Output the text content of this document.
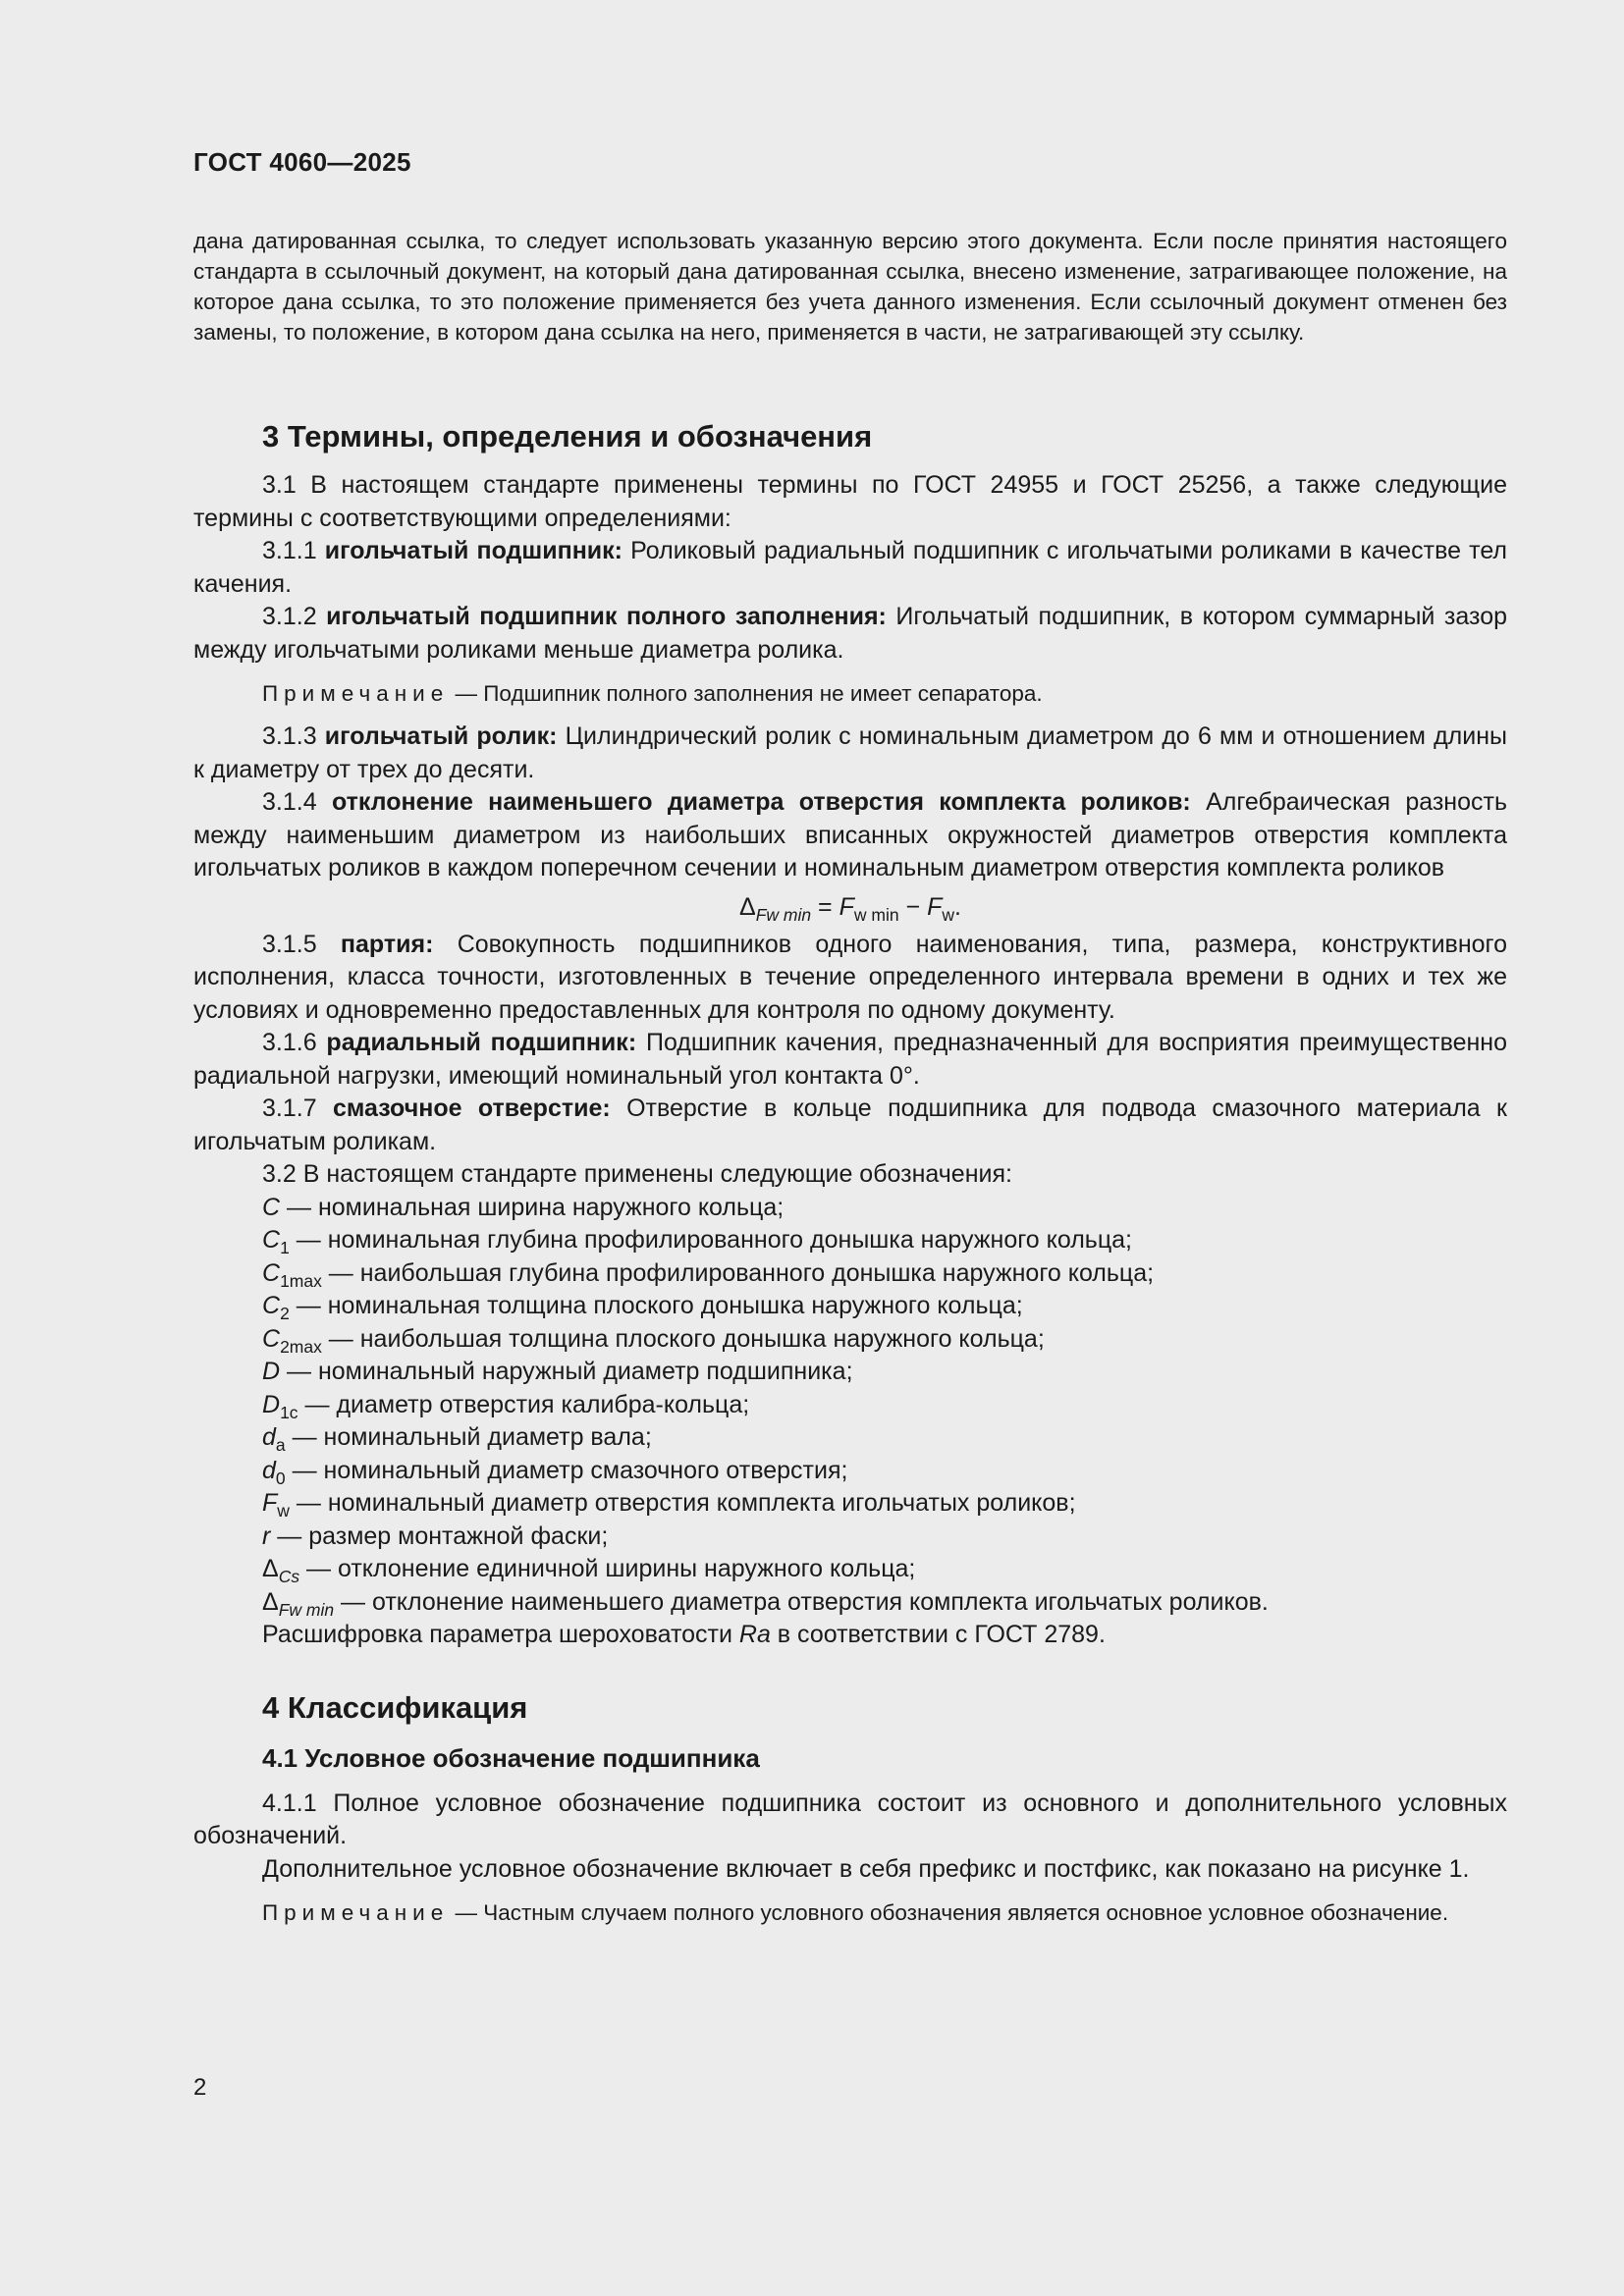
ГОСТ 4060—2025

дана датированная ссылка, то следует использовать указанную версию этого документа. Если после принятия настоящего стандарта в ссылочный документ, на который дана датированная ссылка, внесено изменение, затрагивающее положение, на которое дана ссылка, то это положение применяется без учета данного изменения. Если ссылочный документ отменен без замены, то положение, в котором дана ссылка на него, применяется в части, не затрагивающей эту ссылку.

3 Термины, определения и обозначения

3.1 В настоящем стандарте применены термины по ГОСТ 24955 и ГОСТ 25256, а также следующие термины с соответствующими определениями:

3.1.1 игольчатый подшипник: Роликовый радиальный подшипник с игольчатыми роликами в качестве тел качения.

3.1.2 игольчатый подшипник полного заполнения: Игольчатый подшипник, в котором суммарный зазор между игольчатыми роликами меньше диаметра ролика.

Примечание — Подшипник полного заполнения не имеет сепаратора.

3.1.3 игольчатый ролик: Цилиндрический ролик с номинальным диаметром до 6 мм и отношением длины к диаметру от трех до десяти.

3.1.4 отклонение наименьшего диаметра отверстия комплекта роликов: Алгебраическая разность между наименьшим диаметром из наибольших вписанных окружностей диаметров отверстия комплекта игольчатых роликов в каждом поперечном сечении и номинальным диаметром отверстия комплекта роликов

$\Delta_{Fw min} = F_{w min} - F_w$.

3.1.5 партия: Совокупность подшипников одного наименования, типа, размера, конструктивного исполнения, класса точности, изготовленных в течение определенного интервала времени в одних и тех же условиях и одновременно предоставленных для контроля по одному документу.

3.1.6 радиальный подшипник: Подшипник качения, предназначенный для восприятия преимущественно радиальной нагрузки, имеющий номинальный угол контакта 0°.

3.1.7 смазочное отверстие: Отверстие в кольце подшипника для подвода смазочного материала к игольчатым роликам.

3.2 В настоящем стандарте применены следующие обозначения:

C — номинальная ширина наружного кольца;

$C_1$ — номинальная глубина профилированного донышка наружного кольца;

$C_{1max}$ — наибольшая глубина профилированного донышка наружного кольца;

$C_2$ — номинальная толщина плоского донышка наружного кольца;

$C_{2max}$ — наибольшая толщина плоского донышка наружного кольца;

D — номинальный наружный диаметр подшипника;

$D_{1c}$ — диаметр отверстия калибра-кольца;

$d_a$ — номинальный диаметр вала;

$d_0$ — номинальный диаметр смазочного отверстия;

$F_w$ — номинальный диаметр отверстия комплекта игольчатых роликов;

r — размер монтажной фаски;

$\Delta_{Cs}$ — отклонение единичной ширины наружного кольца;

$\Delta_{Fw min}$ — отклонение наименьшего диаметра отверстия комплекта игольчатых роликов.

Расшифровка параметра шероховатости Ra в соответствии с ГОСТ 2789.

4 Классификация
4.1 Условное обозначение подшипника

4.1.1 Полное условное обозначение подшипника состоит из основного и дополнительного условных обозначений.

Дополнительное условное обозначение включает в себя префикс и постфикс, как показано на рисунке 1.

Примечание — Частным случаем полного условного обозначения является основное условное обозначение.

2
